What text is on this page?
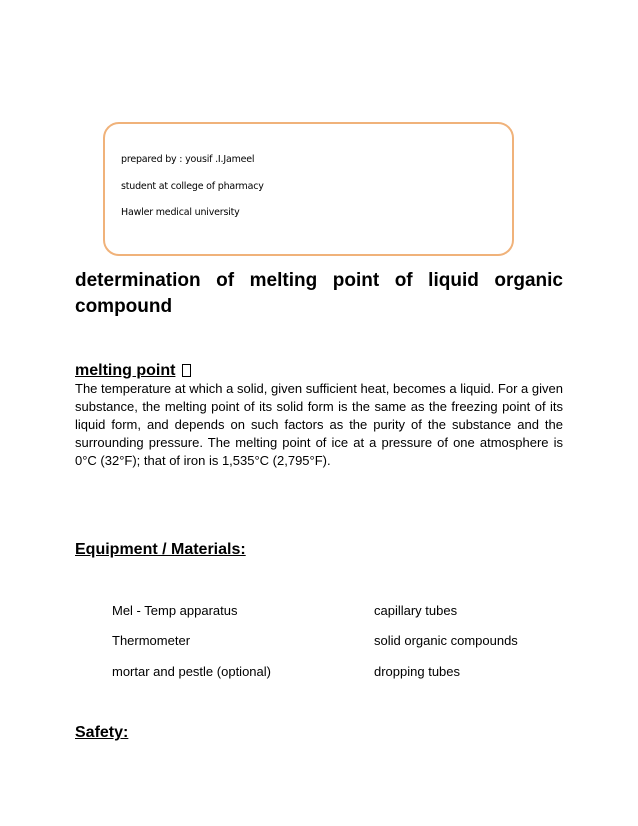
prepared by : yousif .I.Jameel
student at college of pharmacy
Hawler medical university
determination of melting point of liquid organic compound
melting point

The temperature at which a solid, given sufficient heat, becomes a liquid. For a given substance, the melting point of its solid form is the same as the freezing point of its liquid form, and depends on such factors as the purity of the substance and the surrounding pressure. The melting point of ice at a pressure of one atmosphere is 0°C (32°F); that of iron is 1,535°C (2,795°F).

Equipment / Materials:
Mel - Temp apparatus	capillary tubes
Thermometer	solid organic compounds
mortar and pestle (optional)	dropping tubes
Safety:
